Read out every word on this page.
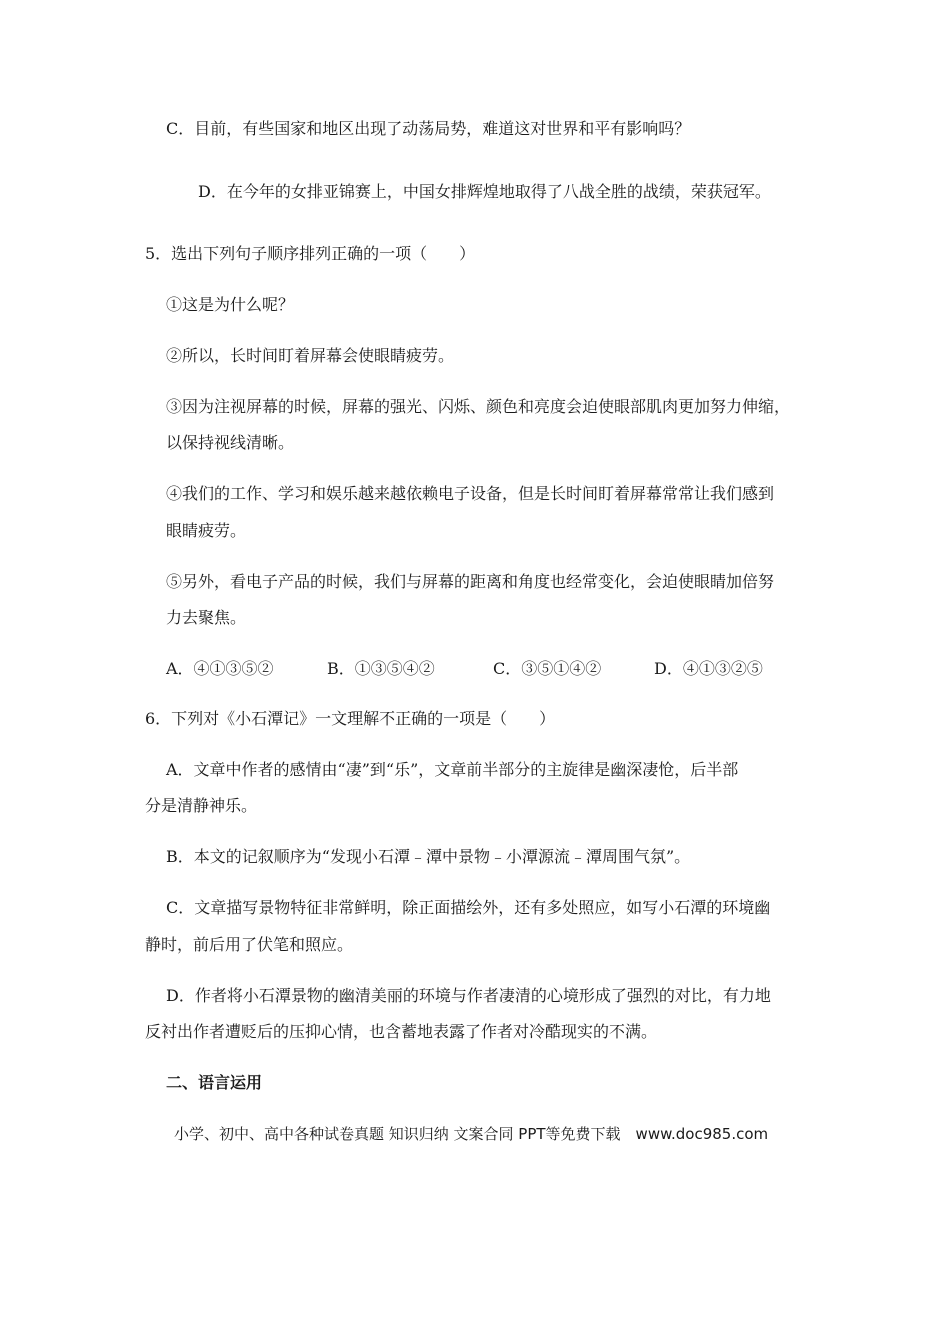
C．目前，有些国家和地区出现了动荡局势，难道这对世界和平有影响吗？

D．在今年的女排亚锦赛上，中国女排辉煌地取得了八战全胜的战绩，荣获冠军。

5．选出下列句子顺序排列正确的一项（　　）

①这是为什么呢？

②所以，长时间盯着屏幕会使眼睛疲劳。

③因为注视屏幕的时候，屏幕的强光、闪烁、颜色和亮度会迫使眼部肌肉更加努力伸缩，

以保持视线清晰。

④我们的工作、学习和娱乐越来越依赖电子设备，但是长时间盯着屏幕常常让我们感到

眼睛疲劳。

⑤另外，看电子产品的时候，我们与屏幕的距离和角度也经常变化，会迫使眼睛加倍努

力去聚焦。

A．④①③⑤②	B．①③⑤④②	C．③⑤①④②	D．④①③②⑤

6．下列对《小石潭记》一文理解不正确的一项是（　　）

A．文章中作者的感情由“凄”到“乐”，文章前半部分的主旋律是幽深凄怆，后半部

分是清静神乐。

B．本文的记叙顺序为“发现小石潭﹣潭中景物﹣小潭源流﹣潭周围气氛”。

C．文章描写景物特征非常鲜明，除正面描绘外，还有多处照应，如写小石潭的环境幽

静时，前后用了伏笔和照应。

D．作者将小石潭景物的幽清美丽的环境与作者凄清的心境形成了强烈的对比，有力地

反衬出作者遭贬后的压抑心情，也含蓄地表露了作者对冷酷现实的不满。

二、语言运用

小学、初中、高中各种试卷真题 知识归纳 文案合同 PPT等免费下载　www.doc985.com
